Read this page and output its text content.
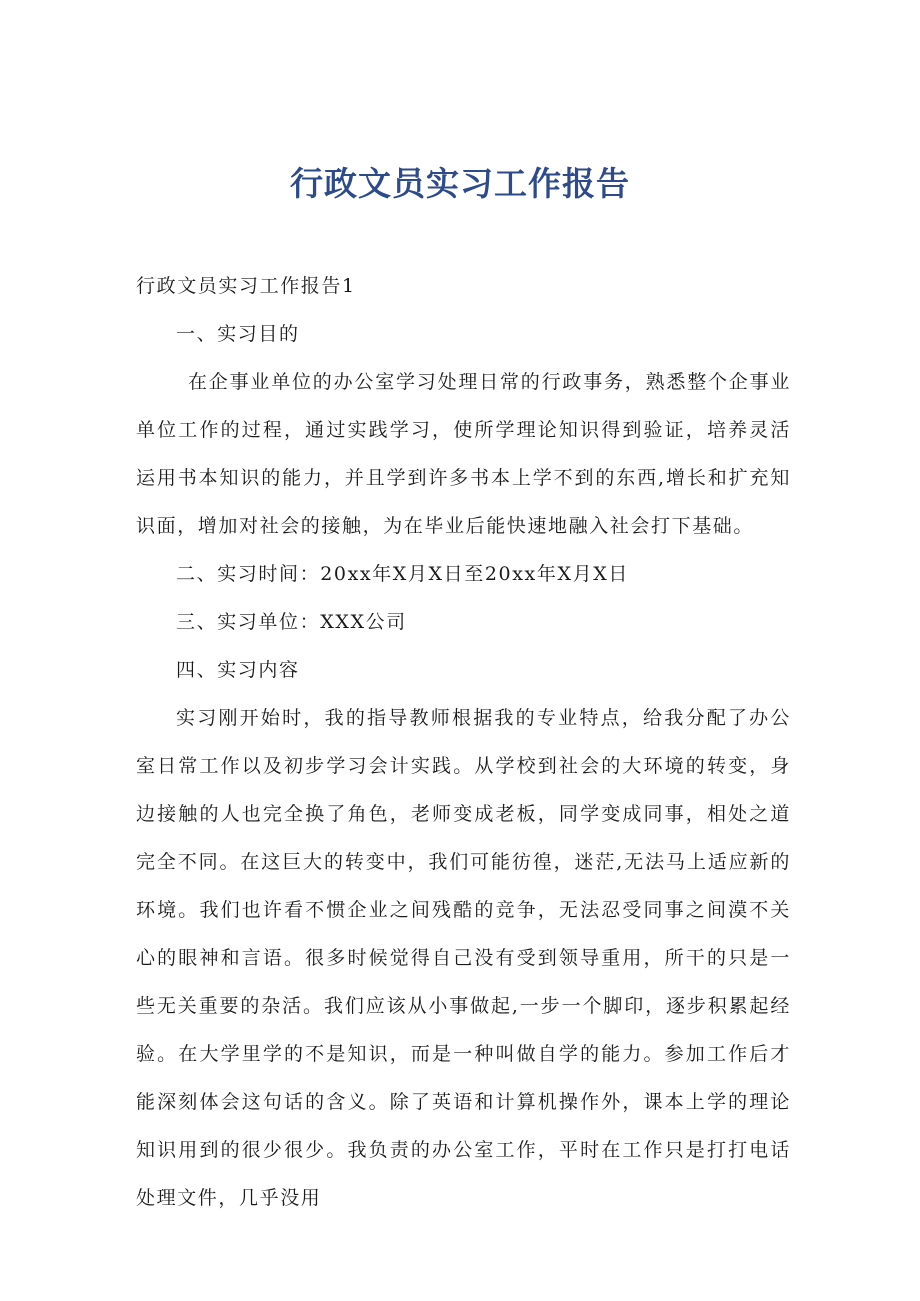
行政文员实习工作报告

行政文员实习工作报告1

一、实习目的

在企事业单位的办公室学习处理日常的行政事务，熟悉整个企事业单位工作的过程，通过实践学习，使所学理论知识得到验证，培养灵活运用书本知识的能力，并且学到许多书本上学不到的东西,增长和扩充知识面，增加对社会的接触，为在毕业后能快速地融入社会打下基础。

二、实习时间：20xx年X月X日至20xx年X月X日

三、实习单位：XXX公司

四、实习内容

实习刚开始时，我的指导教师根据我的专业特点，给我分配了办公室日常工作以及初步学习会计实践。从学校到社会的大环境的转变，身边接触的人也完全换了角色，老师变成老板，同学变成同事，相处之道完全不同。在这巨大的转变中，我们可能彷徨，迷茫,无法马上适应新的环境。我们也许看不惯企业之间残酷的竞争，无法忍受同事之间漠不关心的眼神和言语。很多时候觉得自己没有受到领导重用，所干的只是一些无关重要的杂活。我们应该从小事做起,一步一个脚印，逐步积累起经验。在大学里学的不是知识，而是一种叫做自学的能力。参加工作后才能深刻体会这句话的含义。除了英语和计算机操作外，课本上学的理论知识用到的很少很少。我负责的办公室工作，平时在工作只是打打电话处理文件，几乎没用
